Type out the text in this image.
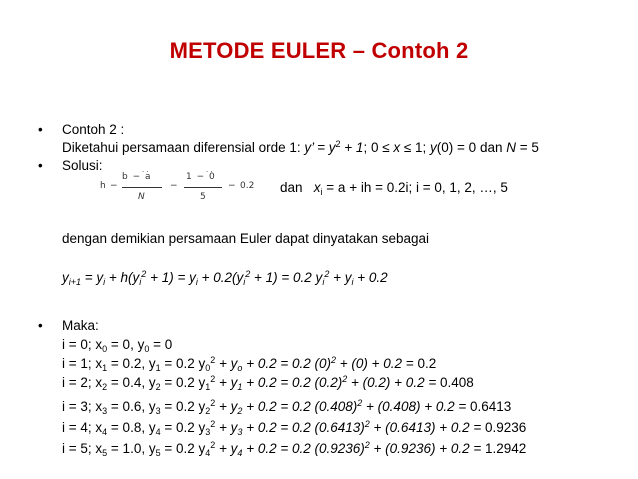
METODE EULER – Contoh 2
• Contoh 2 :
Diketahui persamaan diferensial orde 1: y’ = $y^2 + 1$; 0 ≤ x ≤ 1; y(0) = 0 dan N = 5
• Solusi:
h −
b − a
. .
N
−
1 − 0
. .
5
− 0.2 dan $x_i = a$ + ih = 0.2i; i = 0, 1, 2, …, 5
dengan demikian persamaan Euler dapat dinyatakan sebagai
$y_{i+1} = y_i + h(y_i^2 + 1) = y_i + 0.2(y_i^2 + 1) = 0.2$ $y_i^2 + y_i + 0.2$
• Maka:
i = 0; $x_0 = 0$, $y_0 = 0$
i = 1; $x_1 = 0.2$, $y_1 = 0.2$ $y_0^2 + y_o + 0.2 = 0.2$ $(0)^2 + (0) + 0.2 = 0.2$
i = 2; $x_2 = 0.4$, $y_2 = 0.2$ $y_1^2 + y_1 + 0.2 = 0.2$ $(0.2)^2 + (0.2) + 0.2 = 0.408$
i = 3; $x_3 = 0.6$, $y_3 = 0.2$ $y_2^2 + y_2 + 0.2 = 0.2$ $(0.408)^2 + (0.408) + 0.2 = 0.6413$
i = 4; $x_4 = 0.8$, $y_4 = 0.2$ $y_3^2 + y_3 + 0.2 = 0.2$ $(0.6413)^2 + (0.6413) + 0.2 = 0.9236$
i = 5; $x_5 = 1.0$, $y_5 = 0.2$ $y_4^2 + y_4 + 0.2 = 0.2$ $(0.9236)^2 + (0.9236) + 0.2 = 1.2942$
